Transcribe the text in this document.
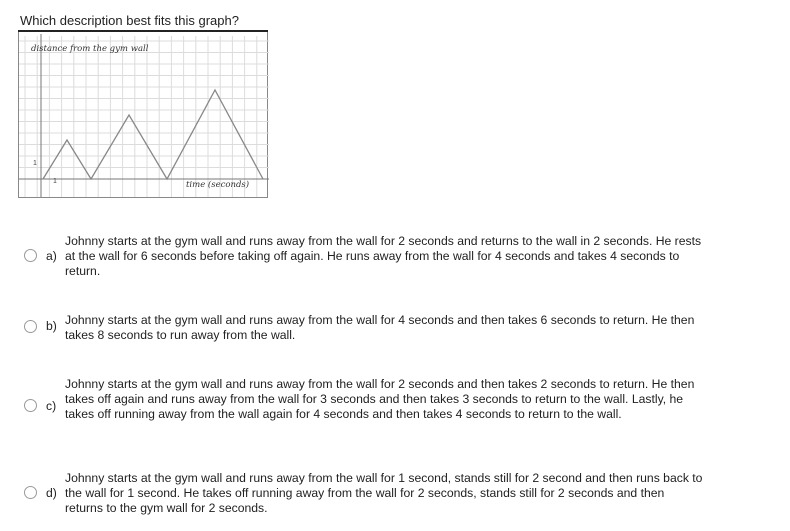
Which description best fits this graph?
distance from the gym wall
time (seconds)
1
1
a)
Johnny starts at the gym wall and runs away from the wall for 2 seconds and returns to the wall in 2 seconds. He rests at the wall for 6 seconds before taking off again. He runs away from the wall for 4 seconds and takes 4 seconds to return.
b) Johnny starts at the gym wall and runs away from the wall for 4 seconds and then takes 6 seconds to return. He then takes 8 seconds to run away from the wall.
c)
Johnny starts at the gym wall and runs away from the wall for 2 seconds and then takes 2 seconds to return. He then takes off again and runs away from the wall for 3 seconds and then takes 3 seconds to return to the wall. Lastly, he takes off running away from the wall again for 4 seconds and then takes 4 seconds to return to the wall.
d)
Johnny starts at the gym wall and runs away from the wall for 1 second, stands still for 2 second and then runs back to the wall for 1 second. He takes off running away from the wall for 2 seconds, stands still for 2 seconds and then returns to the gym wall for 2 seconds.
